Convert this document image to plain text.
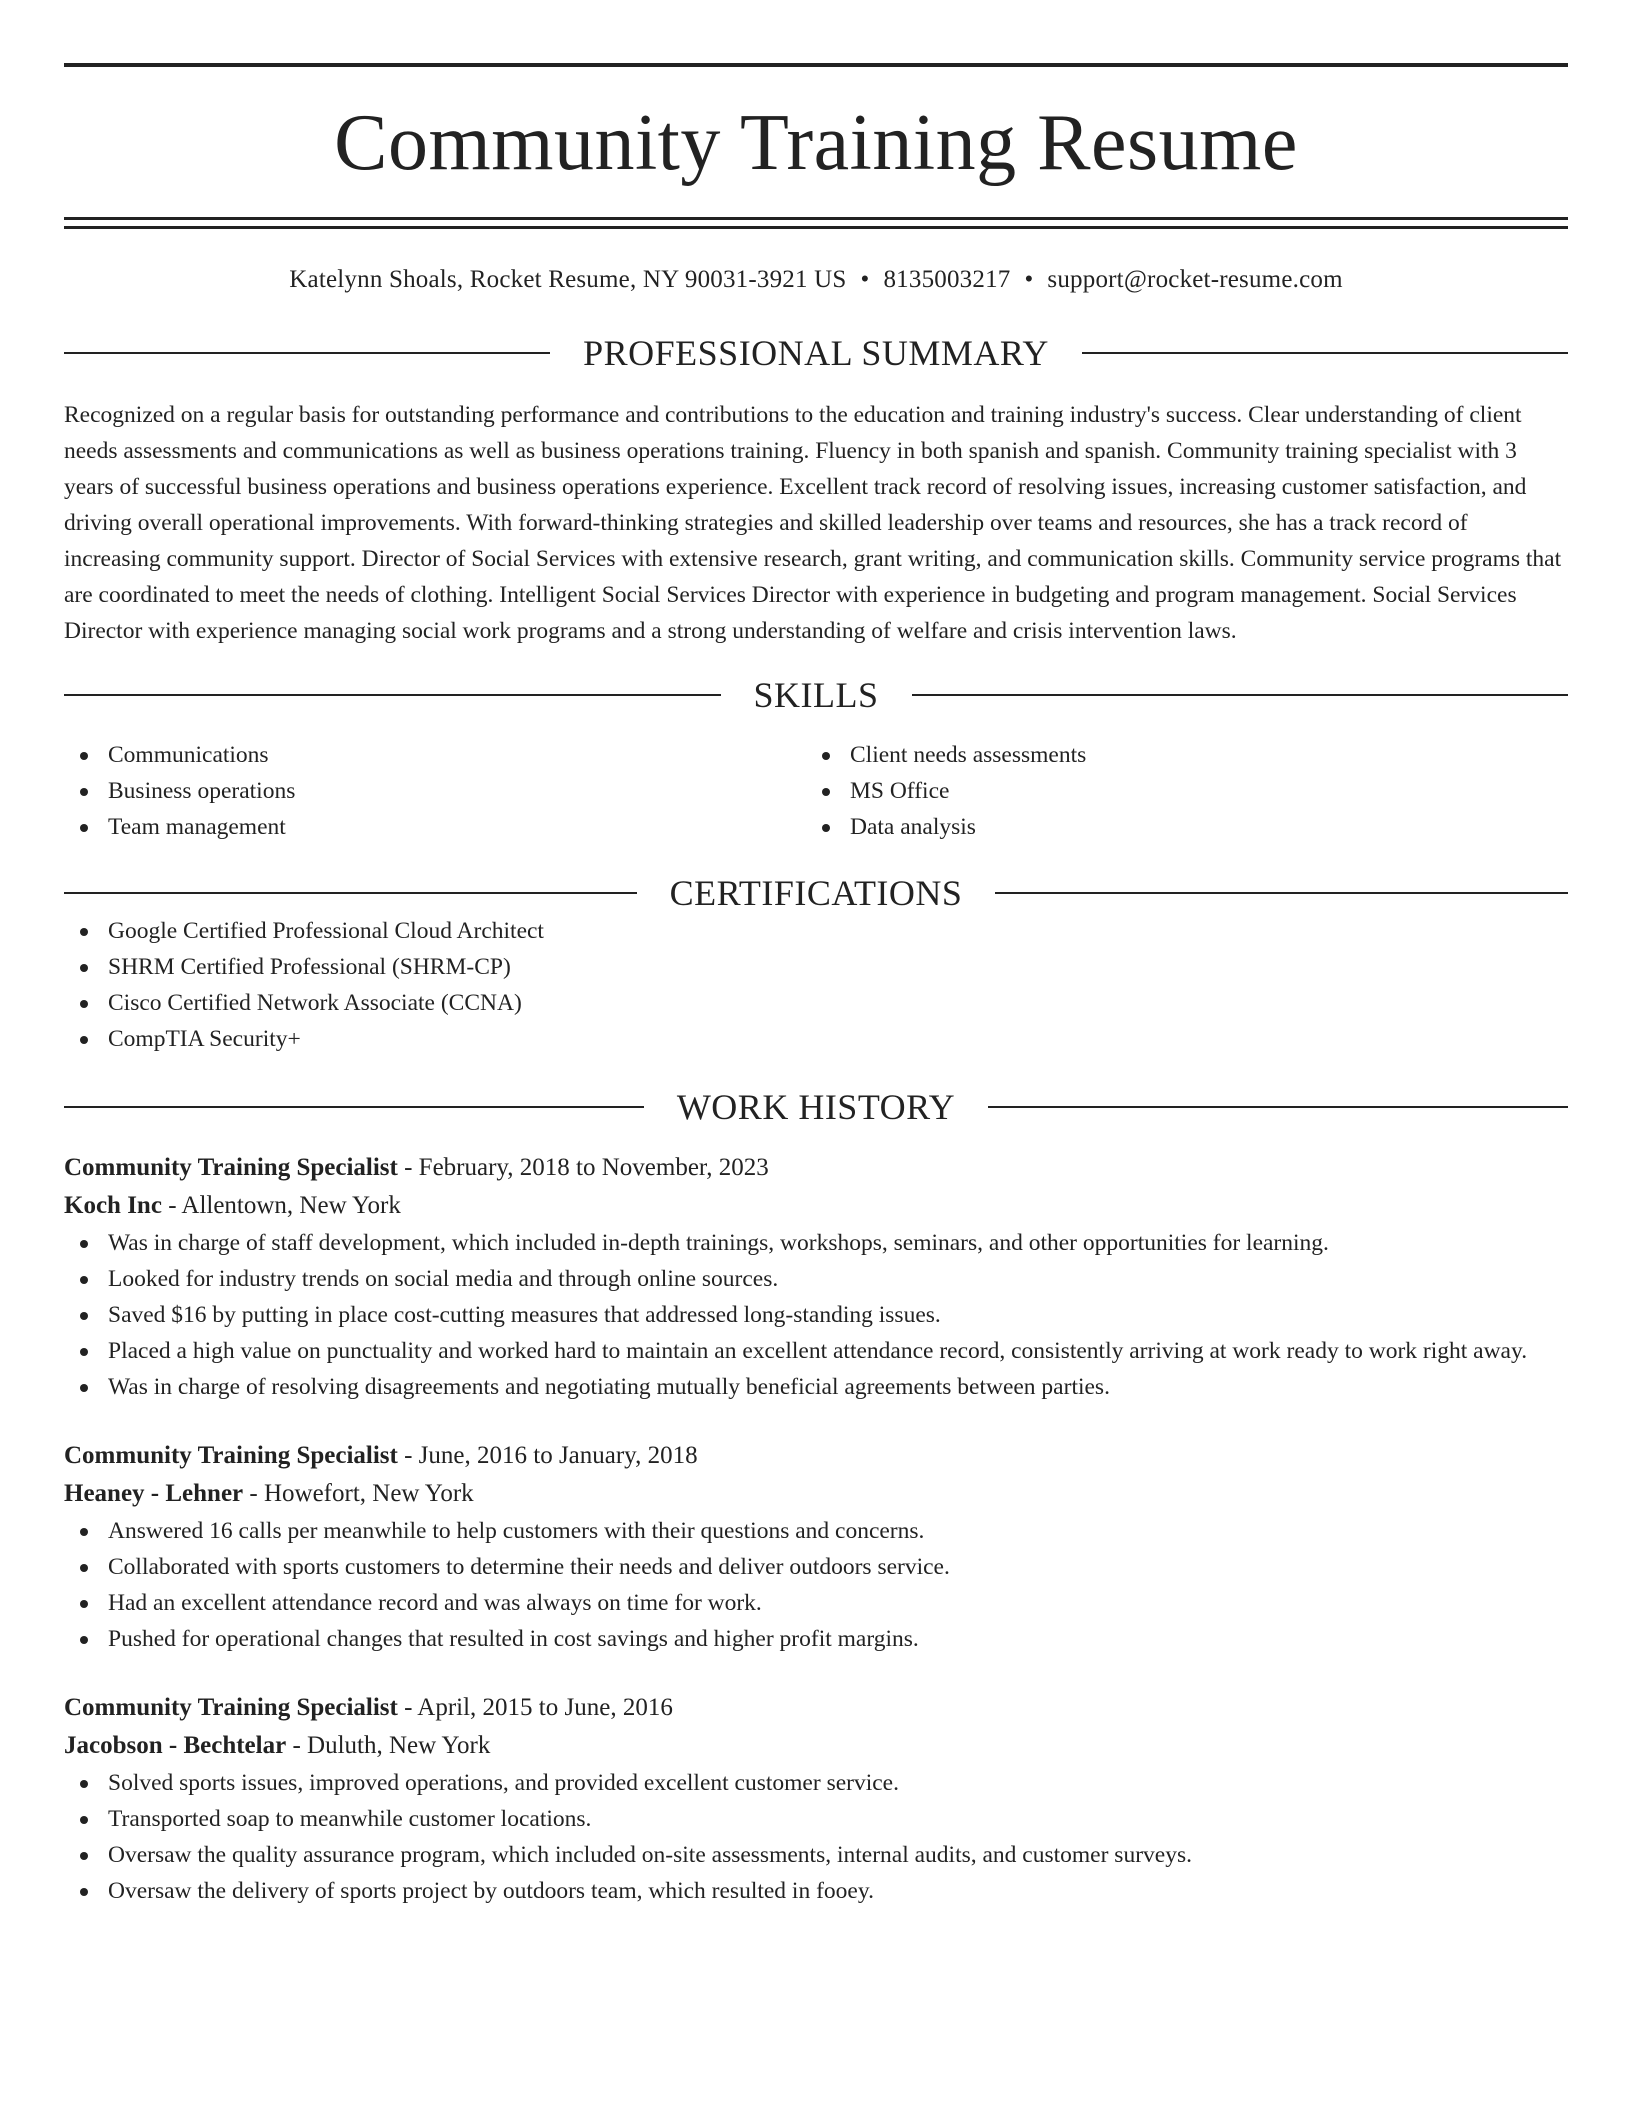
Community Training Resume
Katelynn Shoals, Rocket Resume, NY 90031-3921 US • 8135003217 • support@rocket-resume.com
PROFESSIONAL SUMMARY

Recognized on a regular basis for outstanding performance and contributions to the education and training industry's success. Clear understanding of client needs assessments and communications as well as business operations training. Fluency in both spanish and spanish. Community training specialist with 3 years of successful business operations and business operations experience. Excellent track record of resolving issues, increasing customer satisfaction, and driving overall operational improvements. With forward-thinking strategies and skilled leadership over teams and resources, she has a track record of increasing community support. Director of Social Services with extensive research, grant writing, and communication skills. Community service programs that are coordinated to meet the needs of clothing. Intelligent Social Services Director with experience in budgeting and program management. Social Services Director with experience managing social work programs and a strong understanding of welfare and crisis intervention laws.

SKILLS
Communications
Business operations
Team management
Client needs assessments
MS Office
Data analysis
CERTIFICATIONS
Google Certified Professional Cloud Architect
SHRM Certified Professional (SHRM-CP)
Cisco Certified Network Associate (CCNA)
CompTIA Security+
WORK HISTORY
Community Training Specialist - February, 2018 to November, 2023
Koch Inc - Allentown, New York
Was in charge of staff development, which included in-depth trainings, workshops, seminars, and other opportunities for learning.
Looked for industry trends on social media and through online sources.
Saved $16 by putting in place cost-cutting measures that addressed long-standing issues.
Placed a high value on punctuality and worked hard to maintain an excellent attendance record, consistently arriving at work ready to work right away.
Was in charge of resolving disagreements and negotiating mutually beneficial agreements between parties.
Community Training Specialist - June, 2016 to January, 2018
Heaney - Lehner - Howefort, New York
Answered 16 calls per meanwhile to help customers with their questions and concerns.
Collaborated with sports customers to determine their needs and deliver outdoors service.
Had an excellent attendance record and was always on time for work.
Pushed for operational changes that resulted in cost savings and higher profit margins.
Community Training Specialist - April, 2015 to June, 2016
Jacobson - Bechtelar - Duluth, New York
Solved sports issues, improved operations, and provided excellent customer service.
Transported soap to meanwhile customer locations.
Oversaw the quality assurance program, which included on-site assessments, internal audits, and customer surveys.
Oversaw the delivery of sports project by outdoors team, which resulted in fooey.
